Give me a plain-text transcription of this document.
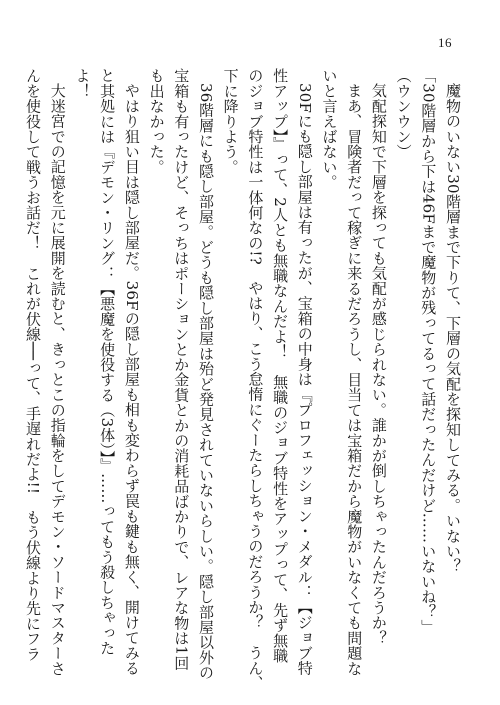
16

魔物のいない30階層まで下りて、下層の気配を探知してみる。いない？

「30階層から下は46Fまで魔物が残ってるって話だったんだけど……いないね？」

（ウンウン）

気配探知で下層を探っても気配が感じられない。誰かが倒しちゃったんだろうか？

まあ、冒険者だって稼ぎに来るだろうし、目当ては宝箱だから魔物がいなくても問題な

いと言えばない。

30Fにも隠し部屋は有ったが、宝箱の中身は『プロフェッション・メダル：【ジョブ特

性アップ】』って、2人とも無職なんだよ！　無職のジョブ特性をアップって、先ず無職

のジョブ特性は一体何なの!?　やはり、こう怠惰にぐーたらしちゃうのだろうか？　うん、

下に降りよう。

36階層にも隠し部屋。どうも隠し部屋は殆ど発見されていないらしい。隠し部屋以外の

宝箱も有ったけど、そっちはポーションとか金貨とかの消耗品ばかりで、レアな物は1回

も出なかった。

やはり狙い目は隠し部屋だ。36Fの隠し部屋も相も変わらず罠も鍵も無く、開けてみる

と其処には『デモン・リング：【悪魔を使役する（3体）】』……ってもう殺しちゃった

よ！

大迷宮での記憶を元に展開を読むと、きっとこの指輪をしてデモン・ソードマスターさ

んを使役して戦うお話だ！　これが伏線──って、手遅れだよ!!　もう伏線より先にフラ
